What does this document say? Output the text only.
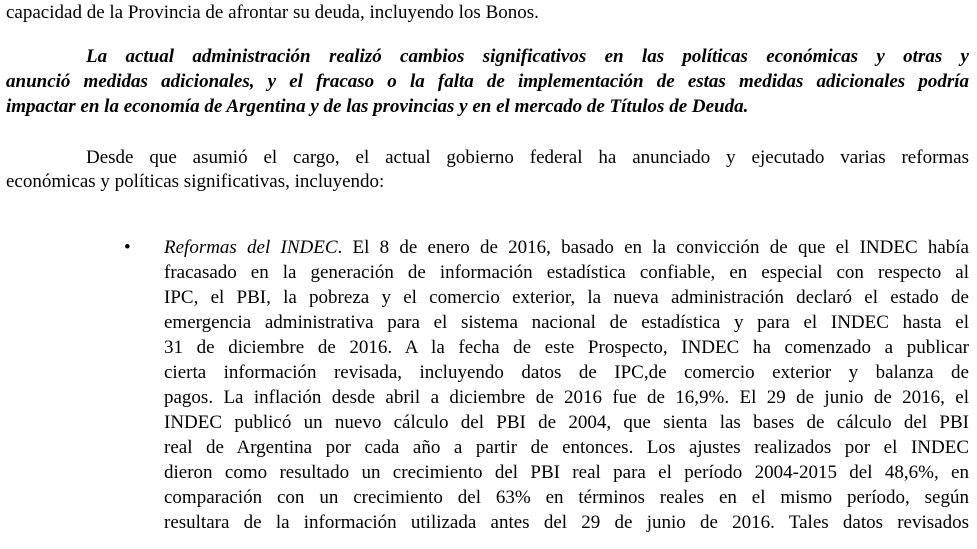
capacidad de la Provincia de afrontar su deuda, incluyendo los Bonos.
La actual administración realizó cambios significativos en las políticas económicas y otras y
anunció medidas adicionales, y el fracaso o la falta de implementación de estas medidas adicionales podría
impactar en la economía de Argentina y de las provincias y en el mercado de Títulos de Deuda.
Desde que asumió el cargo, el actual gobierno federal ha anunciado y ejecutado varias reformas
económicas y políticas significativas, incluyendo:
• Reformas del INDEC. El 8 de enero de 2016, basado en la convicción de que el INDEC había
fracasado en la generación de información estadística confiable, en especial con respecto al
IPC, el PBI, la pobreza y el comercio exterior, la nueva administración declaró el estado de
emergencia administrativa para el sistema nacional de estadística y para el INDEC hasta el
31 de diciembre de 2016. A la fecha de este Prospecto, INDEC ha comenzado a publicar
cierta información revisada, incluyendo datos de IPC,de comercio exterior y balanza de
pagos. La inflación desde abril a diciembre de 2016 fue de 16,9%. El 29 de junio de 2016, el
INDEC publicó un nuevo cálculo del PBI de 2004, que sienta las bases de cálculo del PBI
real de Argentina por cada año a partir de entonces. Los ajustes realizados por el INDEC
dieron como resultado un crecimiento del PBI real para el período 2004-2015 del 48,6%, en
comparación con un crecimiento del 63% en términos reales en el mismo período, según
resultara de la información utilizada antes del 29 de junio de 2016. Tales datos revisados
